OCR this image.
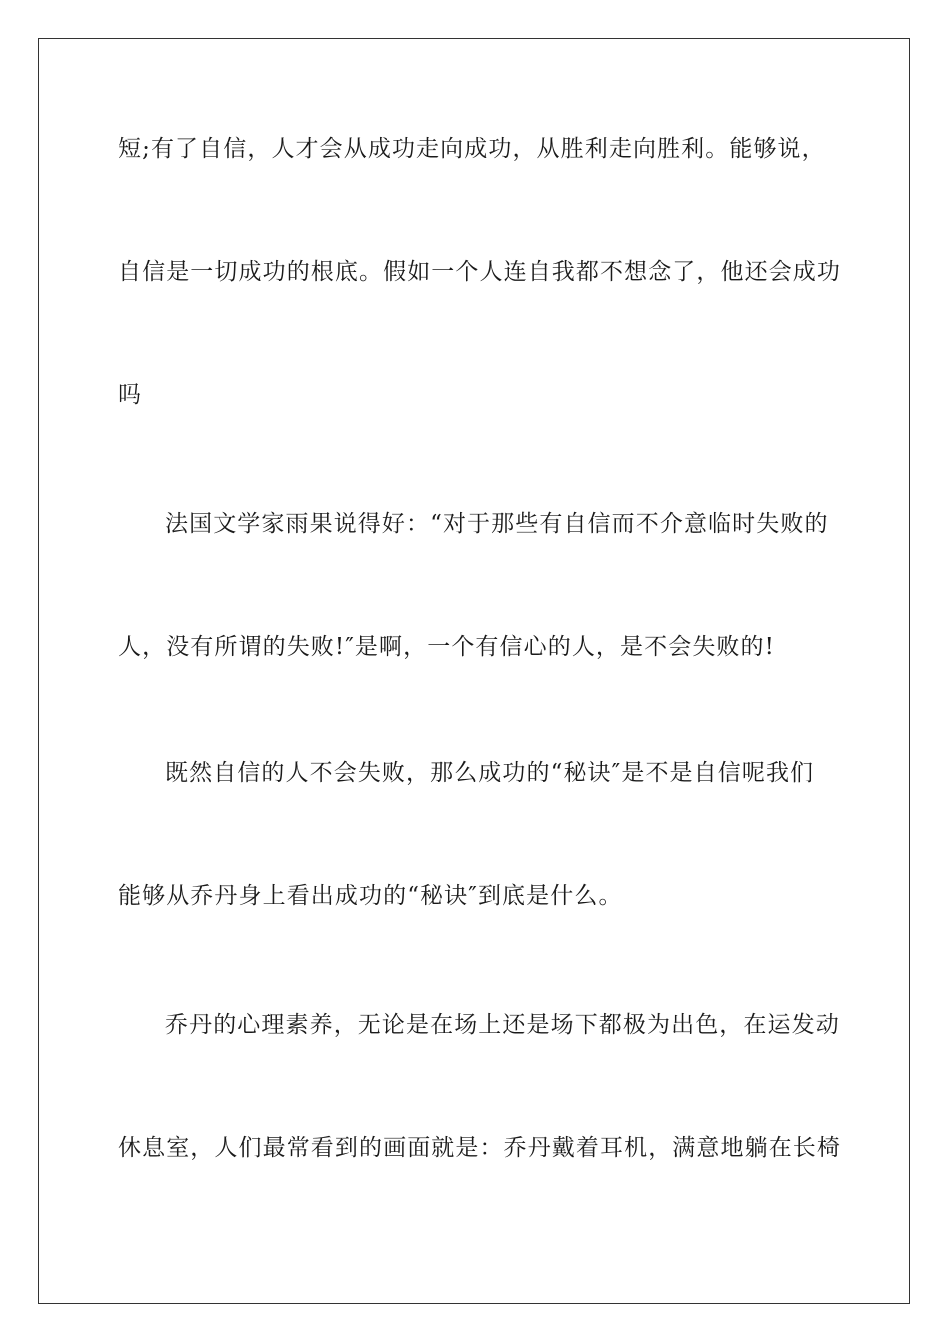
短;有了自信，人才会从成功走向成功，从胜利走向胜利。能够说，
自信是一切成功的根底。假如一个人连自我都不想念了，他还会成功
吗
法国文学家雨果说得好：“对于那些有自信而不介意临时失败的
人，没有所谓的失败!″是啊，一个有信心的人，是不会失败的!
既然自信的人不会失败，那么成功的“秘诀″是不是自信呢我们
能够从乔丹身上看出成功的“秘诀″到底是什么。
乔丹的心理素养，无论是在场上还是场下都极为出色，在运发动
休息室，人们最常看到的画面就是：乔丹戴着耳机，满意地躺在长椅
